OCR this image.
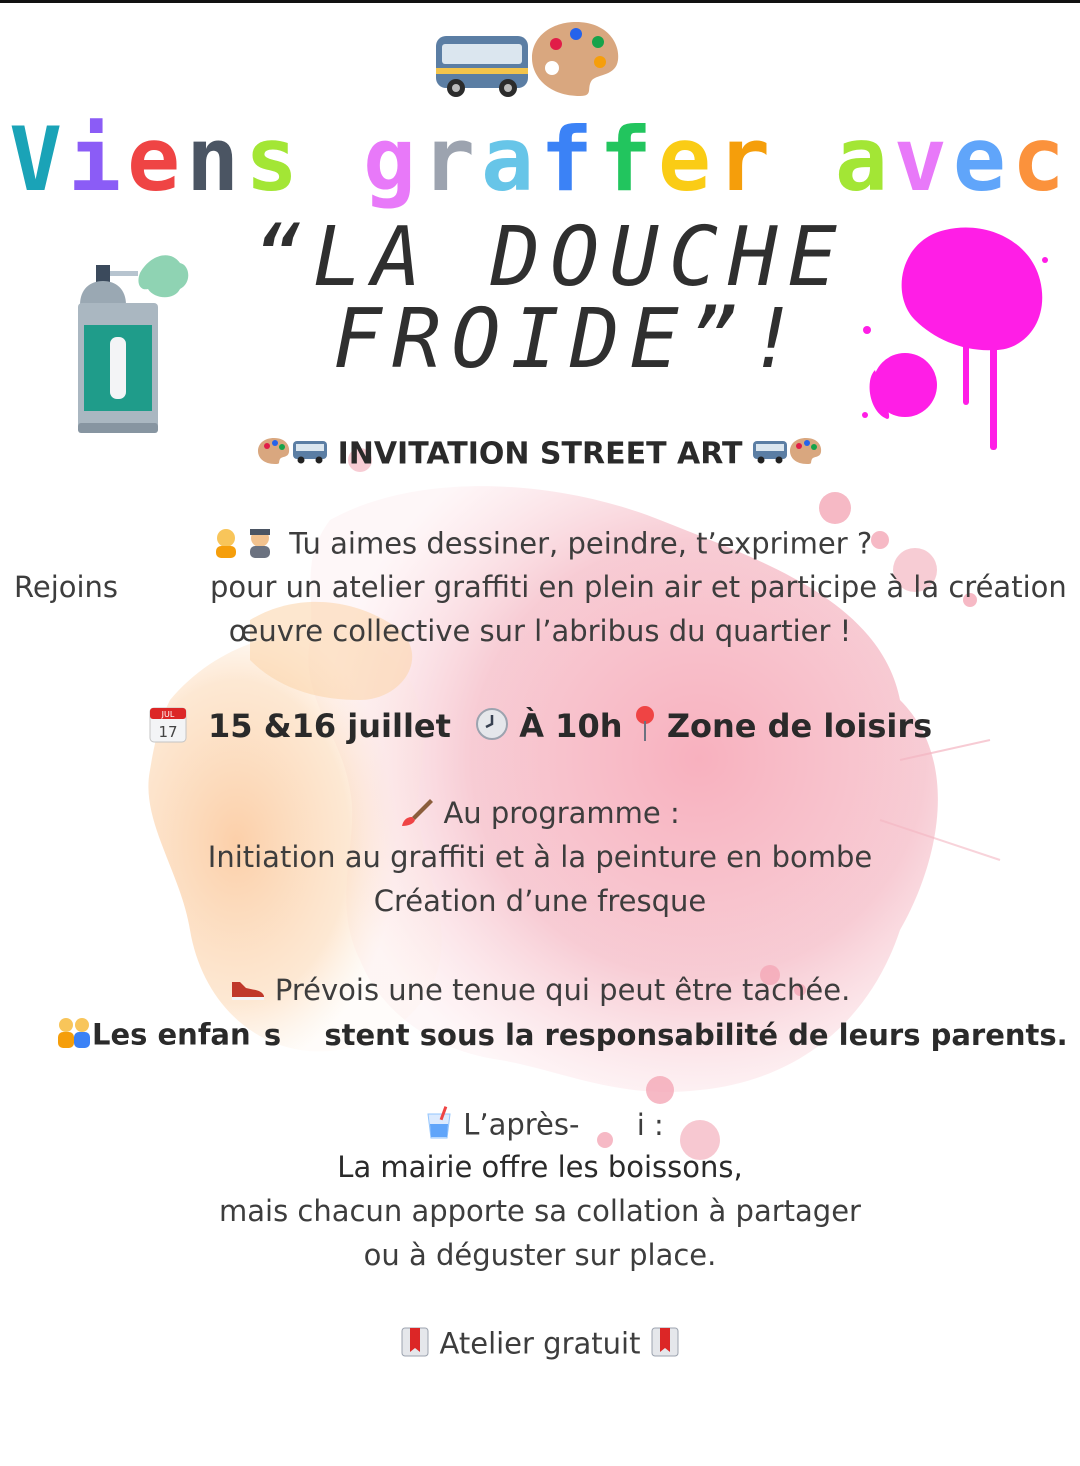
Viens graffer avec
“LA DOUCHE
FROIDE”!
INVITATION STREET ART
Tu aimes dessiner, peindre, t’exprimer ?
Rejoins	pour un atelier graffiti en plein air et participe à la création
œuvre collective sur l’abribus du quartier !
JUL
17 15 &16 juillet À 10h Zone de loisirs
Au programme :
Initiation au graffiti et à la peinture en bombe
Création d’une fresque
Prévois une tenue qui peut être tachée.
Les enfan s stent sous la responsabilité de leurs parents.
L’après- i :
La mairie offre les boissons,
mais chacun apporte sa collation à partager
ou à déguster sur place.
Atelier gratuit
